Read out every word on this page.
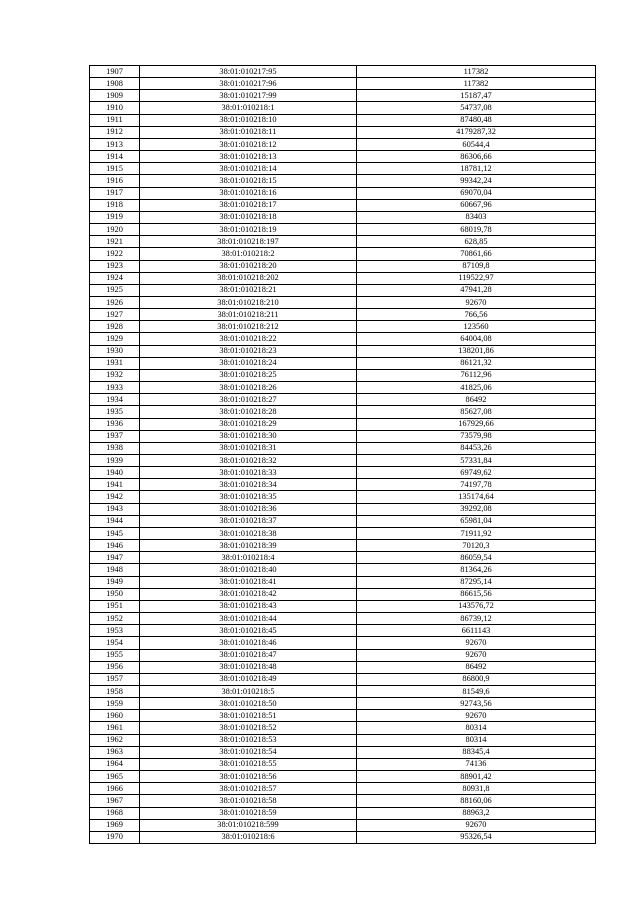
1907	38:01:010217:95	117382
1908	38:01:010217:96	117382
1909	38:01:010217:99	15187,47
1910	38:01:010218:1	54737,08
1911	38:01:010218:10	87480,48
1912	38:01:010218:11	4179287,32
1913	38:01:010218:12	60544,4
1914	38:01:010218:13	86306,66
1915	38:01:010218:14	18781,12
1916	38:01:010218:15	99342,24
1917	38:01:010218:16	69070,04
1918	38:01:010218:17	60667,96
1919	38:01:010218:18	83403
1920	38:01:010218:19	68019,78
1921	38:01:010218:197	628,85
1922	38:01:010218:2	70861,66
1923	38:01:010218:20	87109,8
1924	38:01:010218:202	119522,97
1925	38:01:010218:21	47941,28
1926	38:01:010218:210	92670
1927	38:01:010218:211	766,56
1928	38:01:010218:212	123560
1929	38:01:010218:22	64004,08
1930	38:01:010218:23	138201,86
1931	38:01:010218:24	86121,32
1932	38:01:010218:25	76112,96
1933	38:01:010218:26	41825,06
1934	38:01:010218:27	86492
1935	38:01:010218:28	85627,08
1936	38:01:010218:29	167929,66
1937	38:01:010218:30	73579,98
1938	38:01:010218:31	84453,26
1939	38:01:010218:32	57331,84
1940	38:01:010218:33	69749,62
1941	38:01:010218:34	74197,78
1942	38:01:010218:35	135174,64
1943	38:01:010218:36	39292,08
1944	38:01:010218:37	65981,04
1945	38:01:010218:38	71911,92
1946	38:01:010218:39	70120,3
1947	38:01:010218:4	86059,54
1948	38:01:010218:40	81364,26
1949	38:01:010218:41	87295,14
1950	38:01:010218:42	86615,56
1951	38:01:010218:43	143576,72
1952	38:01:010218:44	86739,12
1953	38:01:010218:45	6611143
1954	38:01:010218:46	92670
1955	38:01:010218:47	92670
1956	38:01:010218:48	86492
1957	38:01:010218:49	86800,9
1958	38:01:010218:5	81549,6
1959	38:01:010218:50	92743,56
1960	38:01:010218:51	92670
1961	38:01:010218:52	80314
1962	38:01:010218:53	80314
1963	38:01:010218:54	88345,4
1964	38:01:010218:55	74136
1965	38:01:010218:56	88901,42
1966	38:01:010218:57	80931,8
1967	38:01:010218:58	88160,06
1968	38:01:010218:59	88963,2
1969	38:01:010218:599	92670
1970	38:01:010218:6	95326,54
